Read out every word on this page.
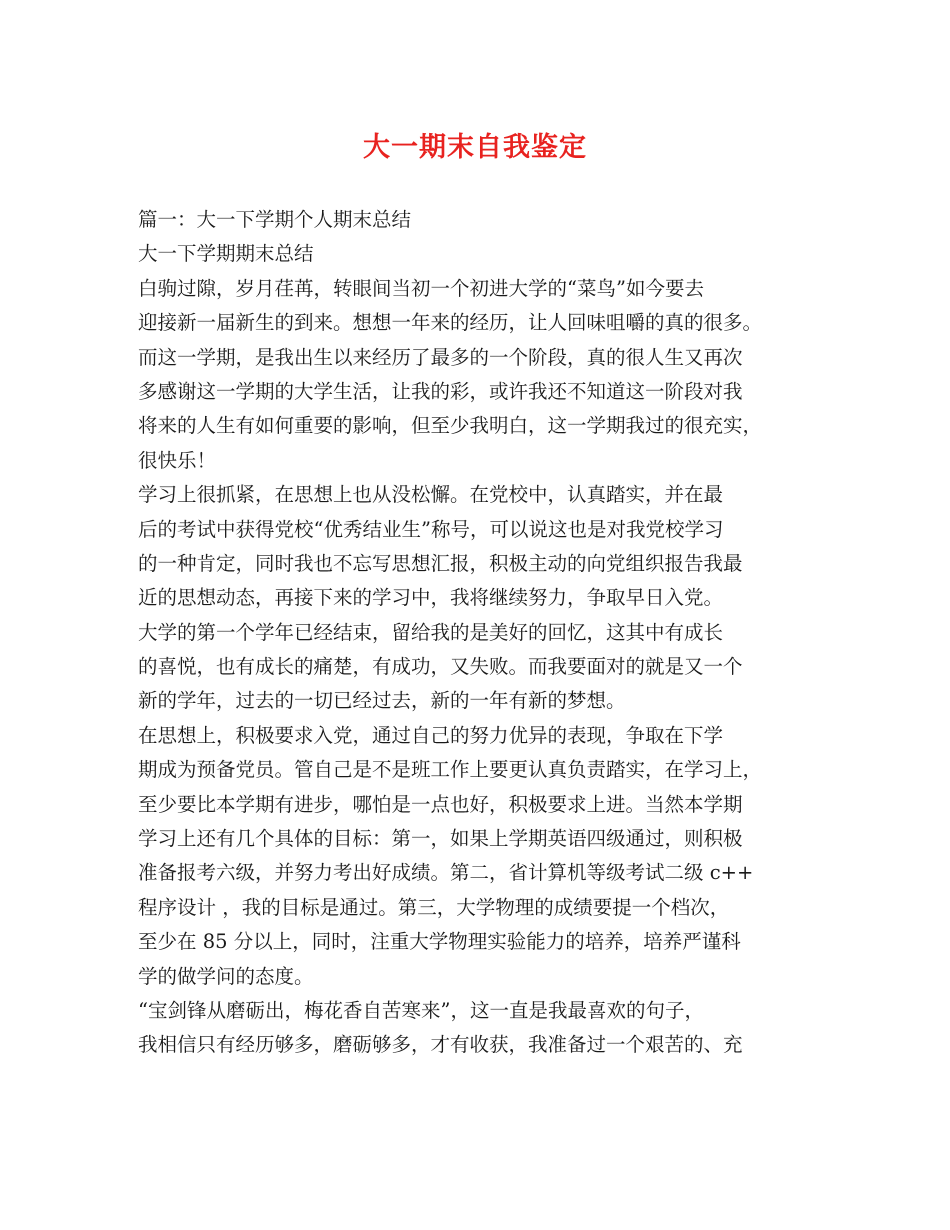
大一期末自我鉴定
篇一：大一下学期个人期末总结
大一下学期期末总结
白驹过隙，岁月荏苒，转眼间当初一个初进大学的“菜鸟”如今要去
迎接新一届新生的到来。想想一年来的经历，让人回味咀嚼的真的很多。
而这一学期，是我出生以来经历了最多的一个阶段，真的很人生又再次
多感谢这一学期的大学生活，让我的彩，或许我还不知道这一阶段对我
将来的人生有如何重要的影响，但至少我明白，这一学期我过的很充实，
很快乐！
学习上很抓紧，在思想上也从没松懈。在党校中，认真踏实，并在最
后的考试中获得党校“优秀结业生”称号，可以说这也是对我党校学习
的一种肯定，同时我也不忘写思想汇报，积极主动的向党组织报告我最
近的思想动态，再接下来的学习中，我将继续努力，争取早日入党。
大学的第一个学年已经结束，留给我的是美好的回忆，这其中有成长
的喜悦，也有成长的痛楚，有成功，又失败。而我要面对的就是又一个
新的学年，过去的一切已经过去，新的一年有新的梦想。
在思想上，积极要求入党，通过自己的努力优异的表现，争取在下学
期成为预备党员。管自己是不是班工作上要更认真负责踏实，在学习上，
至少要比本学期有进步，哪怕是一点也好，积极要求上进。当然本学期
学习上还有几个具体的目标：第一，如果上学期英语四级通过，则积极
准备报考六级，并努力考出好成绩。第二，省计算机等级考试二级 c++
程序设计 ，我的目标是通过。第三，大学物理的成绩要提一个档次，
至少在 85 分以上，同时，注重大学物理实验能力的培养，培养严谨科
学的做学问的态度。
“宝剑锋从磨砺出，梅花香自苦寒来”，这一直是我最喜欢的句子，
我相信只有经历够多，磨砺够多，才有收获，我准备过一个艰苦的、充
